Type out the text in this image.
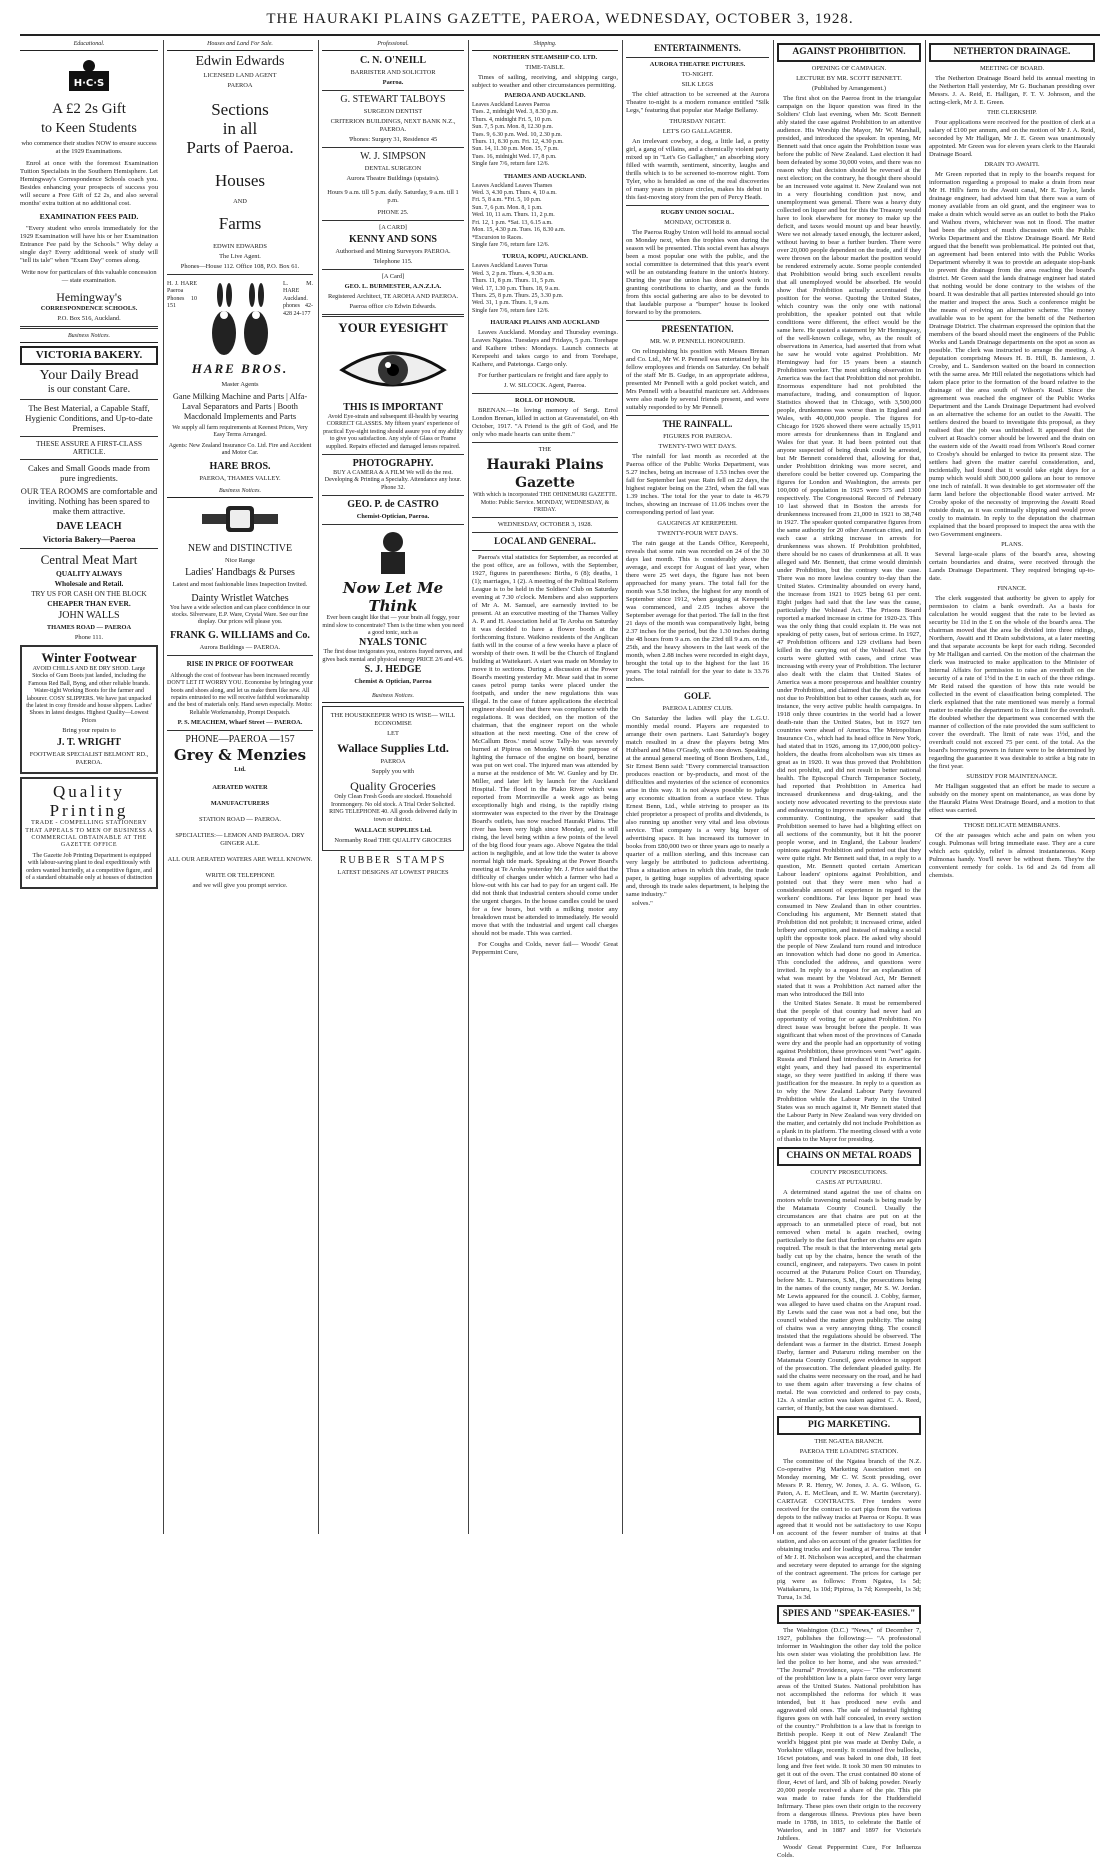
THE HAURAKI PLAINS GAZETTE, PAEROA, WEDNESDAY, OCTOBER 3, 1928.
Educational.
H·C·S
A £2 2s Gift
to Keen Students
who commence their studies NOW to ensure success at the 1929 Examinations.
Enrol at once with the foremost Examination Tuition Specialists in the Southern Hemisphere. Let Hemingway's Correspondence Schools coach you. Besides enhancing your prospects of success you will secure a Free Gift of £2 2s, and also several months' extra tuition at no additional cost.
EXAMINATION FEES PAID.
"Every student who enrols immediately for the 1929 Examination will have his or her Examination Entrance Fee paid by the Schools." Why delay a single day? Every additional week of study will "tell its tale" when "Exam Day" comes along.
Write now for particulars of this valuable concession — state examination.
Hemingway's
CORRESPONDENCE SCHOOLS.
P.O. Box 516, Auckland.
Business Notices.
VICTORIA BAKERY.
Your Daily Bread
is our constant Care.
The Best Material, a Capable Staff, Hygienic Conditions, and Up-to-date Premises.
THESE ASSURE A FIRST-CLASS ARTICLE.
Cakes and Small Goods made from pure ingredients.
OUR TEA ROOMS are comfortable and inviting. Nothing has been spared to make them attractive.
DAVE LEACH
Victoria Bakery—Paeroa
Central Meat Mart
QUALITY ALWAYS
Wholesale and Retail.
TRY US FOR CASH ON THE BLOCK
CHEAPER THAN EVER.
JOHN WALLS
THAMES ROAD — PAEROA
Phone 111.
Winter Footwear
AVOID CHILLS AND BE DRY SHOD. Large Stocks of Gum Boots just landed, including the Famous Red Ball, Byng, and other reliable brands. Water-tight Working Boots for the farmer and labourer. COSY SLIPPERS. We have just unpacked the latest in cosy fireside and house slippers. Ladies' Shoes in latest designs. Highest Quality—Lowest Prices
Bring your repairs to
J. T. WRIGHT
FOOTWEAR SPECIALIST BELMONT RD., PAEROA.
Quality
Printing
TRADE - COMPELLING STATIONERY THAT APPEALS TO MEN OF BUSINESS A COMMERCIAL OBTAINABLE AT THE GAZETTE OFFICE
The Gazette Job Printing Department is equipped with labour-saving plant to deal expeditiously with orders wanted hurriedly, at a competitive figure, and of a standard obtainable only at houses of distinction
Houses and Land For Sale.
Edwin Edwards
LICENSED LAND AGENT
PAEROA
Sections
in all
Parts of Paeroa.
Houses
AND
Farms
EDWIN EDWARDS
The Live Agent.
Phones—House 112. Office 108, P.O. Box 61.
H. J. HARE Paeroa Phones 10 151
L. M. HARE Auckland. phones 42-428 24-177
HARE BROS.
Master Agents
Gane Milking Machine and Parts | Alfa-Laval Separators and Parts | Booth Macdonald Implements and Parts
We supply all farm requirements at Keenest Prices, Very Easy Terms Arranged.
Agents: New Zealand Insurance Co. Ltd. Fire and Accident and Motor Car.
HARE BROS.
PAEROA, THAMES VALLEY.
Business Notices.
NEW and DISTINCTIVE
Nice Range
Ladies' Handbags & Purses
Latest and most fashionable lines Inspection Invited.
Dainty Wristlet Watches
You have a wide selection and can place confidence in our stocks. Silverware, E.P. Ware, Crystal Ware. See our fine display. Our prices will please you.
FRANK G. WILLIAMS and Co.
Aurora Buildings — PAEROA.
RISE IN PRICE OF FOOTWEAR
Although the cost of footwear has been increased recently DON'T LET IT WORRY YOU. Economise by bringing your boots and shoes along, and let us make them like new. All repairs entrusted to me will receive faithful workmanship and the best of materials only. Hand sewn especially. Motto: Reliable Workmanship, Prompt Despatch.
P. S. MEACHEM, Wharf Street — PAEROA.
PHONE—PAEROA —157
Grey & Menzies
Ltd.
AERATED WATER
MANUFACTURERS
STATION ROAD — PAEROA.
SPECIALTIES:— LEMON AND PAEROA. DRY GINGER ALE.
ALL OUR AERATED WATERS ARE WELL KNOWN.
WRITE OR TELEPHONE
and we will give you prompt service.
Professional.
C. N. O'NEILL
BARRISTER AND SOLICITOR
Paeroa.
G. STEWART TALBOYS
SURGEON DENTIST
CRITERION BUILDINGS, NEXT BANK N.Z., PAEROA.
'Phones: Surgery 31, Residence 45
W. J. SIMPSON
DENTAL SURGEON
Aurora Theatre Buildings (upstairs).
Hours 9 a.m. till 5 p.m. daily. Saturday, 9 a.m. till 1 p.m.
PHONE 25.
[A CARD]
KENNY AND SONS
Authorised and Mining Surveyors PAEROA.
Telephone 115.
[A Card]
GEO. L. BURMESTER, A.N.Z.I.A.
Registered Architect, TE AROHA AND PAEROA.
Paeroa office c/o Edwin Edwards.
YOUR EYESIGHT
THIS IS IMPORTANT
Avoid Eye-strain and subsequent ill-health by wearing CORRECT GLASSES. My fifteen years' experience of practical Eye-sight testing should assure you of my ability to give you satisfaction. Any style of Glass or Frame supplied. Repairs effected and damaged lenses repaired.
PHOTOGRAPHY.
BUY A CAMERA & A FILM We will do the rest. Developing & Printing a Specialty. Attendance any hour. Phone 32.
GEO. P. de CASTRO
Chemist-Optician, Paeroa.
Now Let Me Think
Ever been caught like that — your brain all foggy, your mind slow to concentrate? Then is the time when you need a good tonic, such as
NYALS TONIC
The first dose invigorates you, restores frayed nerves, and gives back mental and physical energy PRICE 2/6 and 4/6.
S. J. HEDGE
Chemist & Optician, Paeroa
Business Notices.
THE HOUSEKEEPER WHO IS WISE— WILL ECONOMISE
LET
Wallace Supplies Ltd.
PAEROA
Supply you with
Quality Groceries
Only Clean Fresh Goods are stocked. Household Ironmongery. No old stock. A Trial Order Solicited. RING TELEPHONE 40. All goods delivered daily in town or district.
WALLACE SUPPLIES Ltd.
Normanby Road THE QUALITY GROCERS
RUBBER STAMPS
LATEST DESIGNS AT LOWEST PRICES
Shipping.
NORTHERN STEAMSHIP CO. LTD.
TIME-TABLE.
Times of sailing, receiving, and shipping cargo, subject to weather and other circumstances permitting.
PAEROA AND AUCKLAND.
Leaves Auckland Leaves Paeroa
Tues. 2, midnight Wed. 3, 8.30 p.m.
Thurs. 4, midnight Fri. 5, 10 p.m.
Sun. 7, 5 p.m. Mon. 8, 12.30 p.m.
Tues. 9, 6.30 p.m. Wed. 10, 2.30 p.m.
Thurs. 11, 8.30 p.m. Fri. 12, 4.30 p.m.
Sun. 14, 11.30 p.m. Mon. 15, 7 p.m.
Tues. 16, midnight Wed. 17, 8 p.m.
Single fare 7/6, return fare 12/6.
THAMES AND AUCKLAND.
Leaves Auckland Leaves Thames
Wed. 3, 4.30 p.m. Thurs. 4, 10 a.m.
Fri. 5, 8 a.m. *Fri. 5, 10 p.m.
Sun. 7, 6 p.m. Mon. 8, 1 p.m.
Wed. 10, 11 a.m. Thurs. 11, 2 p.m.
Fri. 12, 1 p.m. *Sat. 13, 6.15 a.m.
Mon. 15, 4.30 p.m. Tues. 16, 8.30 a.m.
*Excursion to Races.
Single fare 7/6, return fare 12/6.
TURUA, KOPU, AUCKLAND.
Leaves Auckland Leaves Turua
Wed. 3, 2 p.m. Thurs. 4, 9.30 a.m.
Thurs. 11, 8 p.m. Thurs. 11, 5 p.m.
Wed. 17, 1.30 p.m. Thurs. 18, 9 a.m.
Thurs. 25, 8 p.m. Thurs. 25, 3.30 p.m.
Wed. 31, 1 p.m. Thurs. 1, 9 a.m.
Single fare 7/6, return fare 12/6.
HAURAKI PLAINS AND AUCKLAND
Leaves Auckland. Monday and Thursday evenings. Leaves Ngatea. Tuesdays and Fridays, 5 p.m. Torehape and Kaihere tribes: Mondays. Launch connects at Kerepeehi and takes cargo to and from Torehape, Kaihere, and Patetonga. Cargo only.
For further particulars re freight and fare apply to
J. W. SILCOCK. Agent, Paeroa.
ROLL OF HONOUR.
BRENAN.—In loving memory of Sergt. Errol London Brenan, killed in action at Gravenstafel, on 4th October, 1917. "A Friend is the gift of God, and He only who made hearts can unite them."
THE
Hauraki Plains Gazette
With which is incorporated THE OHINEMURI GAZETTE. Motto: Public Service. MONDAY, WEDNESDAY, & FRIDAY.
WEDNESDAY, OCTOBER 3, 1928.
LOCAL AND GENERAL.
Paeroa's vital statistics for September, as recorded at the post office, are as follows, with the September, 1927, figures in parentheses: Births, 6 (8); deaths, 1 (1); marriages, 1 (2). A meeting of the Political Reform League is to be held in the Soldiers' Club on Saturday evening at 7.30 o'clock. Members and also supporters of Mr A. M. Samuel, are earnestly invited to be present. At an executive meeting of the Thames Valley A. P. and H. Association held at Te Aroha on Saturday it was decided to have a flower booth at the forthcoming fixture. Waikino residents of the Anglican faith will in the course of a few weeks have a place of worship of their own. It will be the Church of England building at Waitekauri. A start was made on Monday to move it to sections. During a discussion at the Power Board's meeting yesterday Mr. Mear said that in some cases petrol pump tanks were placed under the footpath, and under the new regulations this was illegal. In the case of future applications the electrical engineer should see that there was compliance with the regulations. It was decided, on the motion of the chairman, that the engineer report on the whole situation at the next meeting. One of the crew of McCallum Bros.' metal scow Tally-ho was severely burned at Pipiroa on Monday. With the purpose of lighting the furnace of the engine on board, benzine was put on wet coal. The injured man was attended by a nurse at the residence of Mr. W. Gunley and by Dr. Miller, and later left by launch for the Auckland Hospital. The flood in the Piako River which was reported from Morrinsville a week ago as being exceptionally high and rising, is the rapidly rising stormwater was expected to the river by the Drainage Board's outlets, has now reached Hauraki Plains. The river has been very high since Monday, and is still rising, the level being within a few points of the level of the big flood four years ago. Above Ngatea the tidal action is negligible, and at low tide the water is above normal high tide mark. Speaking at the Power Board's meeting at Te Aroha yesterday Mr. J. Price said that the difficulty of charges under which a farmer who had a blow-out with his car had to pay for an urgent call. He did not think that industrial centers should come under the urgent charges. In the house candles could be used for a few hours, but with a milking motor any breakdown must be attended to immediately. He would move that with the industrial and urgent call charges should not be made. This was carried.
For Coughs and Colds, never fail— Woods' Great Peppermint Cure,
ENTERTAINMENTS.
AURORA THEATRE PICTURES.
TO-NIGHT.
SILK LEGS
The chief attraction to be screened at the Aurora Theatre to-night is a modern romance entitled "Silk Legs," featuring that popular star Madge Bellamy.
THURSDAY NIGHT.
LET'S GO GALLAGHER.
An irrelevant cowboy, a dog, a little lad, a pretty girl, a gang of villains, and a chemically violent party mixed up in "Let's Go Gallagher," an absorbing story filled with warmth, sentiment, sincerity, laughs and thrills which is to be screened to-morrow night. Tom Tyler, who is heralded as one of the real discoveries of many years in picture circles, makes his debut in this fast-moving story from the pen of Percy Heath.
RUGBY UNION SOCIAL.
MONDAY, OCTOBER 8.
The Paeroa Rugby Union will hold its annual social on Monday next, when the trophies won during the season will be presented. This social event has always been a most popular one with the public, and the social committee is determined that this year's event will be an outstanding feature in the union's history. During the year the union has done good work in granting contributions to charity, and as the funds from this social gathering are also to be devoted to that laudable purpose a "bumper" house is looked forward to by the promoters.
PRESENTATION.
MR. W. P. PENNELL HONOURED.
On relinquishing his position with Messrs Brenan and Co. Ltd., Mr W. P. Pennell was entertained by his fellow employees and friends on Saturday. On behalf of the staff Mr B. Gudge, in an appropriate address, presented Mr Pennell with a gold pocket watch, and Mrs Pennell with a beautiful manicure set. Addresses were also made by several friends present, and were suitably responded to by Mr Pennell.
THE RAINFALL.
FIGURES FOR PAEROA.
TWENTY-TWO WET DAYS.
The rainfall for last month as recorded at the Paeroa office of the Public Works Department, was 5.27 inches, being an increase of 1.53 inches over the fall for September last year. Rain fell on 22 days, the highest register being on the 23rd, when the fall was 1.39 inches. The total for the year to date is 46.79 inches, showing an increase of 11.06 inches over the corresponding period of last year.
GAUGINGS AT KEREPEEHI.
TWENTY-FOUR WET DAYS.
The rain gauge at the Lands Office, Kerepeehi, reveals that some rain was recorded on 24 of the 30 days last month. This is considerably above the average, and except for August of last year, when there were 25 wet days, the figure has not been approached for many years. The total fall for the month was 5.58 inches, the highest for any month of September since 1912, when gauging at Kerepeehi was commenced, and 2.05 inches above the September average for that period. The fall in the first 21 days of the month was comparatively light, being 2.37 inches for the period, but the 1.30 inches during the 48 hours from 9 a.m. on the 23rd till 9 a.m. on the 25th, and the heavy showers in the last week of the month, when 2.88 inches were recorded in eight days, brought the total up to the highest for the last 16 years. The total rainfall for the year to date is 33.76 inches.
GOLF.
PAEROA LADIES' CLUB.
On Saturday the ladies will play the L.G.U. monthly medal round. Players are requested to arrange their own partners. Last Saturday's bogey match resulted in a draw the players being Mrs Hubbard and Miss O'Grady, with one down. Speaking at the annual general meeting of Bonn Brothers, Ltd., Sir Ernest Benn said: "Every commercial transaction produces reaction or by-products, and most of the difficulties and mysteries of the science of economics arise in this way. It is not always possible to judge any economic situation from a surface view. Thus Ernest Benn, Ltd., while striving to prosper as its chief proprietor a prospect of profits and dividends, is also running up another very vital and less obvious service. That company is a very big buyer of advertising space. It has increased its turnover in books from £80,000 two or three years ago to nearly a quarter of a million sterling, and this increase can very largely be attributed to judicious advertising. Thus a situation arises in which this trade, the trade paper, is getting huge supplies of advertising space and, through its trade sales department, is helping the same industry."
solves."
AGAINST PROHIBITION.
OPENING OF CAMPAIGN.
LECTURE BY MR. SCOTT BENNETT.
(Published by Arrangement.)
The first shot on the Paeroa front in the triangular campaign on the liquor question was fired in the Soldiers' Club last evening, when Mr. Scott Bennett ably stated the case against Prohibition to an attentive audience. His Worship the Mayor, Mr W. Marshall, presided, and introduced the speaker. In opening, Mr Bennett said that once again the Prohibition issue was before the public of New Zealand. Last election it had been defeated by some 30,000 votes, and there was no reason why that decision should be reversed at the next election; on the contrary, he thought there should be an increased vote against it. New Zealand was not in a very flourishing condition just now, and unemployment was general. There was a heavy duty collected on liquor and but for this the Treasury would have to look elsewhere for money to make up the deficit, and taxes would mount up and bear heavily. Were we not already taxed enough, the lecturer asked, without having to bear a further burden. There were over 20,000 people dependent on the trade, and if they were thrown on the labour market the position would be rendered extremely acute. Some people contended that Prohibition would bring such excellent results that all unemployed would be absorbed. He would show that Prohibition actually accentuated the position for the worse. Quoting the United States, which country was the only one with national prohibition, the speaker pointed out that while conditions were different, the effect would be the same here. He quoted a statement by Mr Hemingway, of the well-known college, who, as the result of observations in America, had asserted that from what he saw he would vote against Prohibition. Mr Hemingway had for 15 years been a staunch Prohibition worker. The most striking observation in America was the fact that Prohibition did not prohibit. Enormous expenditure had not prohibited the manufacture, trading, and consumption of liquor. Statistics showed that in Chicago, with 3,500,000 people, drunkenness was worse than in England and Wales, with 40,000,000 people. The figures for Chicago for 1926 showed there were actually 15,911 more arrests for drunkenness than in England and Wales for that year. It had been pointed out that anyone suspected of being drunk could be arrested, but Mr Bennett considered that, allowing for that, under Prohibition drinking was more secret, and therefore could be better covered up. Comparing the figures for London and Washington, the arrests per 100,000 of population in 1925 were 575 and 1300 respectively. The Congressional Record of February 10 last showed that in Boston the arrests for drunkenness increased from 21,000 in 1921 to 38,748 in 1927. The speaker quoted comparative figures from the same authority for 20 other American cities, and in each case a striking increase in arrests for drunkenness was shown. If Prohibition prohibited, there should be no cases of drunkenness at all. It was alleged said Mr. Bennett, that crime would diminish under Prohibition, but the contrary was the case. There was no more lawless country to-day than the United States. Criminality abounded on every hand, the increase from 1921 to 1925 being 61 per cent. Eight judges had said that the law was the cause, particularly the Volstead Act. The Prisons Board reported a marked increase in crime for 1920-23. This was the only thing that could explain it. He was not speaking of petty cases, but of serious crime. In 1927, 47 Prohibition officers and 129 civilians had been killed in the carrying out of the Volstead Act. The courts were glutted with cases, and crime was increasing with every year of Prohibition. The lecturer also dealt with the claim that United States of America was a more prosperous and healthier country under Prohibition, and claimed that the death rate was not due to Prohibition but to other causes, such as, for instance, the very active public health campaigns. In 1918 only three countries in the world had a lower death-rate than the United States, but in 1927 ten countries were ahead of America. The Metropolitan Insurance Co., which had its head office in New York, had stated that in 1926, among its 17,000,000 policy-holders, the deaths from alcoholism was six times as great as in 1920. It was thus proved that Prohibition did not prohibit, and did not result in better national health. The Episcopal Church Temperance Society, had reported that Prohibition in America had increased drunkenness and drug-taking, and the society now advocated reverting to the previous state and endeavouring to improve matters by educating the community. Continuing, the speaker said that Prohibition seemed to have had a blighting effect on all sections of the community, but it hit the poorer people worse, and in England, the Labour leaders' opinions against Prohibition and pointed out that they were quite right. Mr Bennett said that, in a reply to a question, Mr. Bennett quoted certain American Labour leaders' opinions against Prohibition, and pointed out that they were men who had a considerable amount of experience in regard to the workers' conditions. Far less liquor per head was consumed in New Zealand than in other countries. Concluding his argument, Mr Bennett stated that Prohibition did not prohibit; it increased crime, aided bribery and corruption, and instead of making a social uplift the opposite took place. He asked why should the people of New Zealand turn round and introduce an innovation which had done no good in America. This concluded the address, and questions were invited. In reply to a request for an explanation of what was meant by the Volstead Act, Mr Bennett stated that it was a Prohibition Act named after the man who introduced the Bill into
the United States Senate. It must be remembered that the people of that country had never had an opportunity of voting for or against Prohibition. No direct issue was brought before the people. It was significant that when most of the provinces of Canada were dry and the people had an opportunity of voting against Prohibition, these provinces went "wet" again. Russia and Finland had introduced it in America for eight years, and they had passed its experimental stage, so they were justified in asking if there was justification for the measure. In reply to a question as to why the New Zealand Labour Party favoured Prohibition while the Labour Party in the United States was so much against it, Mr Bennett stated that the Labour Party in New Zealand was very divided on the matter, and certainly did not include Prohibition as a plank in its platform. The meeting closed with a vote of thanks to the Mayor for presiding.
CHAINS ON METAL ROADS
COUNTY PROSECUTIONS.
CASES AT PUTARURU.
A determined stand against the use of chains on motors while traversing metal roads is being made by the Matamata County Council. Usually the circumstances are that chains are put on at the approach to an unmetalled piece of road, but not removed when metal is again reached, owing particularly to the fact that further on chains are again required. The result is that the intervening metal gets badly cut up by the chains, hence the wrath of the council, engineer, and ratepayers. Two cases in point occurred at the Putaruru Police Court on Thursday, before Mr. L. Paterson, S.M., the prosecutions being in the names of the county ranger, Mr S. W. Jordan. Mr Lewis appeared for the council. J. Cobby, farmer, was alleged to have used chains on the Arapuni road. By Lewis said the case was not a bad one, but the council wished the matter given publicity. The using of chains was a very annoying thing. The council insisted that the regulations should be observed. The defendant was a farmer in the district. Ernest Joseph Darby, farmer and Putaruru riding member on the Matamata County Council, gave evidence in support of the prosecution. The defendant pleaded guilty. He said the chains were necessary on the road, and he had to use them again after traversing a few chains of metal. He was convicted and ordered to pay costs, 12s. A similar action was taken against C. A. Reed, carrier, of Huntly, but the case was dismissed.
PIG MARKETING.
THE NGATEA BRANCH.
PAEROA THE LOADING STATION.
The committee of the Ngatea branch of the N.Z. Co-operative Pig Marketing Association met on Monday morning, Mr C. W. Scott presiding, over Messrs P. R. Henry, W. Jones, J. A. G. Wilson, G. Paton, A. E. McClean, and E. W. Martin (secretary). CARTAGE CONTRACTS. Five tenders were received for the contract to cart pigs from the various depots to the railway tracks at Paeroa or Kopu. It was agreed that it would not be satisfactory to use Kopu on account of the fewer number of trains at that station, and also on account of the greater facilities for obtaining trucks and for loading at Paeroa. The tender of Mr J. H. Nicholson was accepted, and the chairman and secretary were deputed to arrange for the signing of the contract agreement. The prices for cartage per pig were as follows: From Ngatea, 1s 5d; Waitakaruru, 1s 10d; Pipiroa, 1s 7d; Kerepeehi, 1s 3d; Turua, 1s 3d.
SPIES AND "SPEAK-EASIES."
The Washington (D.C.) "News," of December 7, 1927, publishes the following:— "A professional informer in Washington the other day told the police his own sister was violating the prohibition law. He led the police to her home, and she was arrested." "The Journal" Providence, says:— "The enforcement of the prohibition law is a plain farce over very large areas of the United States. National prohibition has not accomplished the reforms for which it was intended, but it has produced new evils and aggravated old ones. The sale of industrial fighting figures goes on with half concealed, in every section of the country." Prohibition is a law that is foreign to British people. Keep it out of New Zealand! The world's biggest pint pie was made at Denby Dale, a Yorkshire village, recently. It contained five bullocks, 16cwt potatoes, and was baked in one dish, 18 feet long and five feet wide. It took 30 men 90 minutes to get it out of the oven. The crust contained 80 stone of flour, 4cwt of lard, and 3lb of baking powder. Nearly 20,000 people received a share of the pie. This pie was made to raise funds for the Huddersfield Infirmary. These pies own their origin to the recovery from a dangerous illness. Previous pies have been made in 1788, in 1815, to celebrate the Battle of Waterloo, and in 1887 and 1897 for Victoria's Jubilees.
Woods' Great Peppermint Cure, For Influenza Colds.
NETHERTON DRAINAGE.
MEETING OF BOARD.
The Netherton Drainage Board held its annual meeting in the Netherton Hall yesterday, Mr G. Buchanan presiding over Messrs. J. A. Reid, E. Halligan, F. T. V. Johnson, and the acting-clerk, Mr J. E. Green.
THE CLERKSHIP.
Four applications were received for the position of clerk at a salary of £100 per annum, and on the motion of Mr J. A. Reid, seconded by Mr Halligan, Mr J. E. Green was unanimously appointed. Mr Green was for eleven years clerk to the Hauraki Drainage Board.
DRAIN TO AWAITI.
Mr Green reported that in reply to the board's request for information regarding a proposal to make a drain from near Mr H. Hill's farm to the Awaiti canal, Mr E. Taylor, lands drainage engineer, had advised him that there was a sum of money available from an old grant, and the engineer was to make a drain which would serve as an outlet to both the Piako and Waihou rivers, whichever was not in flood. The matter had been the subject of much discussion with the Public Works Department and the Elstow Drainage Board. Mr Reid argued that the benefit was problematical. He pointed out that, an agreement had been entered into with the Public Works Department whereby it was to provide an adequate stop-bank to prevent the drainage from the area reaching the board's district. Mr Green said the lands drainage engineer had stated that nothing would be done contrary to the wishes of the board. It was desirable that all parties interested should go into the matter and inspect the area. Such a conference might be the means of evolving an alternative scheme. The money available was to be spent for the benefit of the Netherton Drainage District. The chairman expressed the opinion that the members of the board should meet the engineers of the Public Works and Lands Drainage departments on the spot as soon as possible. The clerk was instructed to arrange the meeting. A deputation comprising Messrs H. B. Hill, B. Jamieson, J. Crosby, and L. Sanderson waited on the board in connection with the same area. Mr Hill related the negotiations which had taken place prior to the formation of the board relative to the drainage of the area south of Wilson's Road. Since the agreement was reached the engineer of the Public Works Department and the Lands Drainage Department had evolved as an alternative the scheme for an outlet to the Awaiti. The settlers desired the board to investigate this proposal, as they realised that the job was unfinished. It appeared that the culvert at Roach's corner should be lowered and the drain on the eastern side of the Awaiti road from Wilson's Road corner to Crosby's should be enlarged to twice its present size. The settlers had given the matter careful consideration, and, incidentally, had found that it would take eight days for a pump which would shift 300,000 gallons an hour to remove one inch of rainfall. It was desirable to get stormwater off the farm land before the objectionable flood water arrived. Mr Crosby spoke of the necessity of improving the Awaiti Road outside drain, as it was continually slipping and would prove costly to maintain. In reply to the deputation the chairman explained that the board proposed to inspect the area with the two Government engineers.
PLANS.
Several large-scale plans of the board's area, showing certain boundaries and drains, were received through the Lands Drainage Department. They required bringing up-to-date.
FINANCE.
The clerk suggested that authority be given to apply for permission to claim a bank overdraft. As a basis for calculation he would suggest that the rate to be levied as security be 11d in the £ on the whole of the board's area. The chairman moved that the area be divided into three ridings, Northern, Awaiti and H Drain subdivisions, at a later meeting and that separate accounts be kept for each riding. Seconded by Mr Halligan and carried. On the motion of the chairman the clerk was instructed to make application to the Minister of Internal Affairs for permission to raise an overdraft on the security of a rate of 1½d in the £ in each of the three ridings. Mr Reid raised the question of how this rate would be collected in the event of classification being completed. The clerk explained that the rate mentioned was merely a formal matter to enable the department to fix a limit for the overdraft. He doubted whether the department was concerned with the manner of collection of the rate provided the sum sufficient to cover the overdraft. The limit of rate was 1½d, and the overdraft could not exceed 75 per cent. of the total. As the board's borrowing powers in future were to be determined by regarding the guarantee it was desirable to strike a big rate in the first year.
SUBSIDY FOR MAINTENANCE.
Mr Halligan suggested that an effort be made to secure a subsidy on the money spent on maintenance, as was done by the Hauraki Plains West Drainage Board, and a motion to that effect was carried.
THOSE DELICATE MEMBRANES.
Of the air passages which ache and pain on when you cough. Pulmonas will bring immediate ease. They are a cure which acts quickly, relief is almost instantaneous. Keep Pulmonas handy. You'll never be without them. They're the convenient remedy for colds. 1s 6d and 2s 6d from all chemists.
